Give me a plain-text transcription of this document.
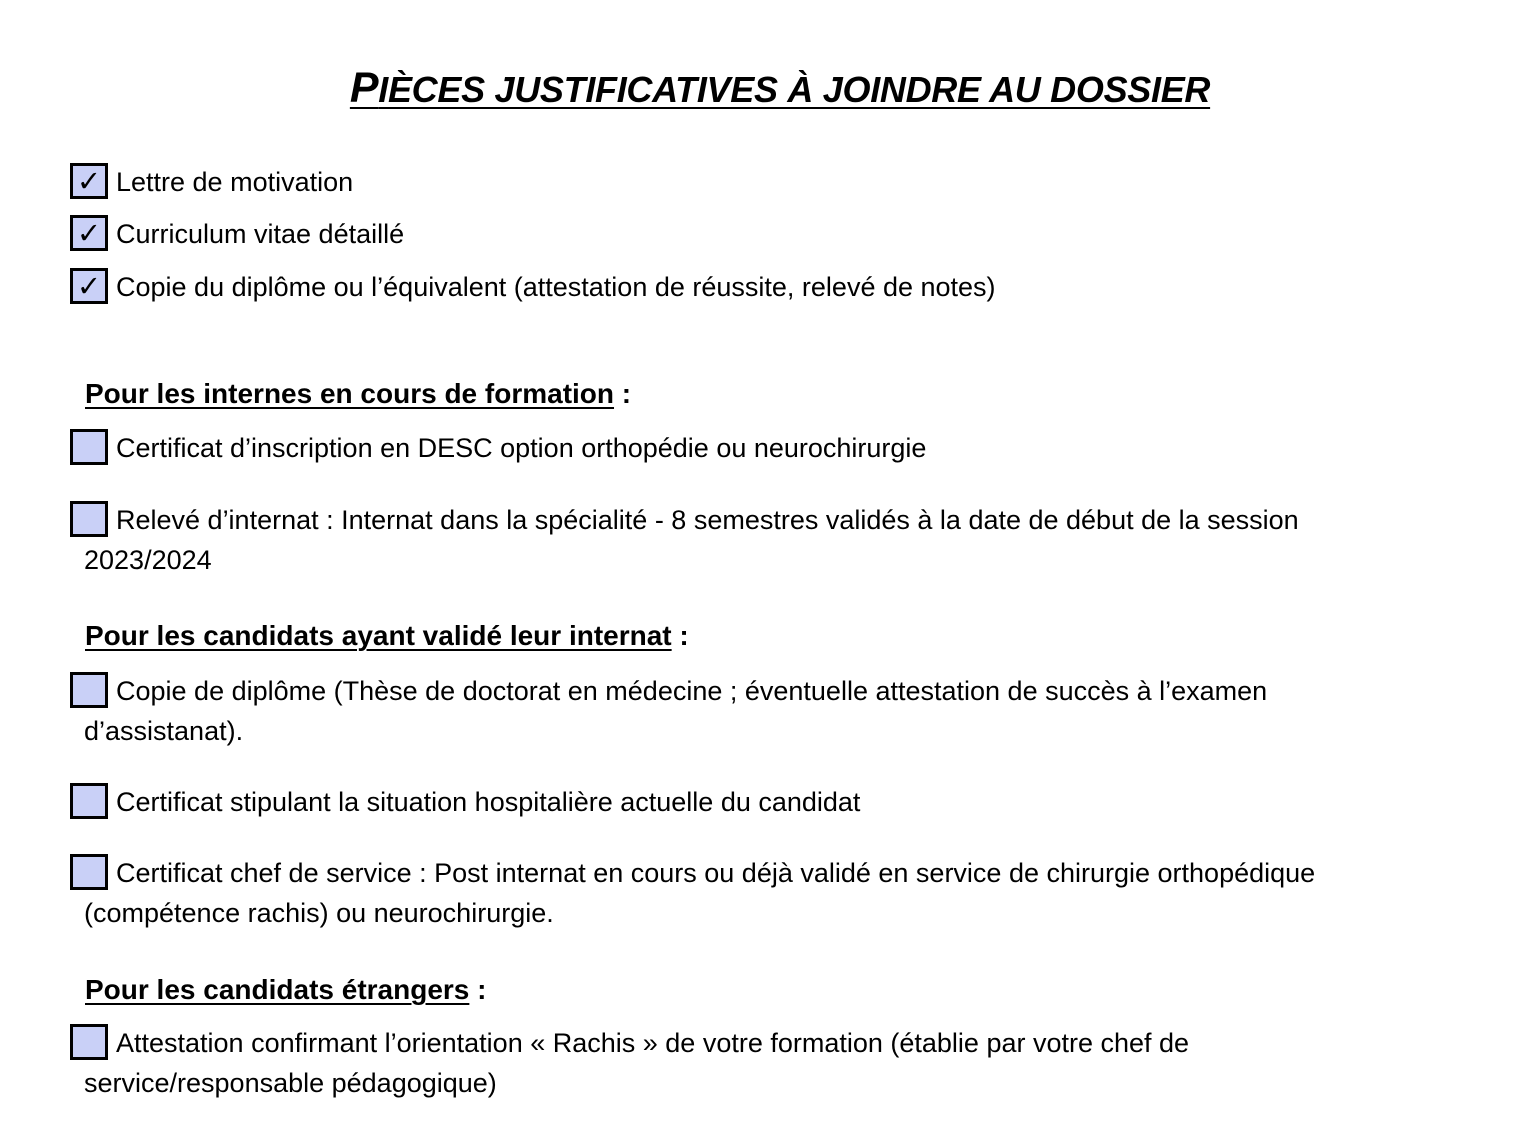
PIÈCES JUSTIFICATIVES À JOINDRE AU DOSSIER
✓ Lettre de motivation
✓ Curriculum vitae détaillé
✓ Copie du diplôme ou l’équivalent (attestation de réussite, relevé de notes)
Pour les internes en cours de formation :
Certificat d’inscription en DESC option orthopédie ou neurochirurgie
Relevé d’internat : Internat dans la spécialité - 8 semestres validés à la date de début de la session
2023/2024
Pour les candidats ayant validé leur internat :
Copie de diplôme (Thèse de doctorat en médecine ; éventuelle attestation de succès à l’examen
d’assistanat).
Certificat stipulant la situation hospitalière actuelle du candidat
Certificat chef de service : Post internat en cours ou déjà validé en service de chirurgie orthopédique
(compétence rachis) ou neurochirurgie.
Pour les candidats étrangers :
Attestation confirmant l’orientation « Rachis » de votre formation (établie par votre chef de
service/responsable pédagogique)
